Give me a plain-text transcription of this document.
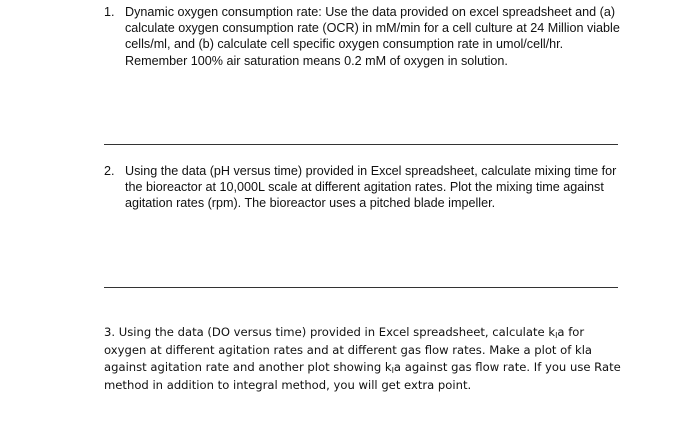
1. Dynamic oxygen consumption rate: Use the data provided on excel spreadsheet and (a) calculate oxygen consumption rate (OCR) in mM/min for a cell culture at 24 Million viable cells/ml, and (b) calculate cell specific oxygen consumption rate in umol/cell/hr. Remember 100% air saturation means 0.2 mM of oxygen in solution.
2. Using the data (pH versus time) provided in Excel spreadsheet, calculate mixing time for the bioreactor at 10,000L scale at different agitation rates. Plot the mixing time against agitation rates (rpm). The bioreactor uses a pitched blade impeller.
3. Using the data (DO versus time) provided in Excel spreadsheet, calculate $k_la$ for oxygen at different agitation rates and at different gas flow rates. Make a plot of kla against agitation rate and another plot showing $k_la$ against gas flow rate. If you use Rate method in addition to integral method, you will get extra point.
